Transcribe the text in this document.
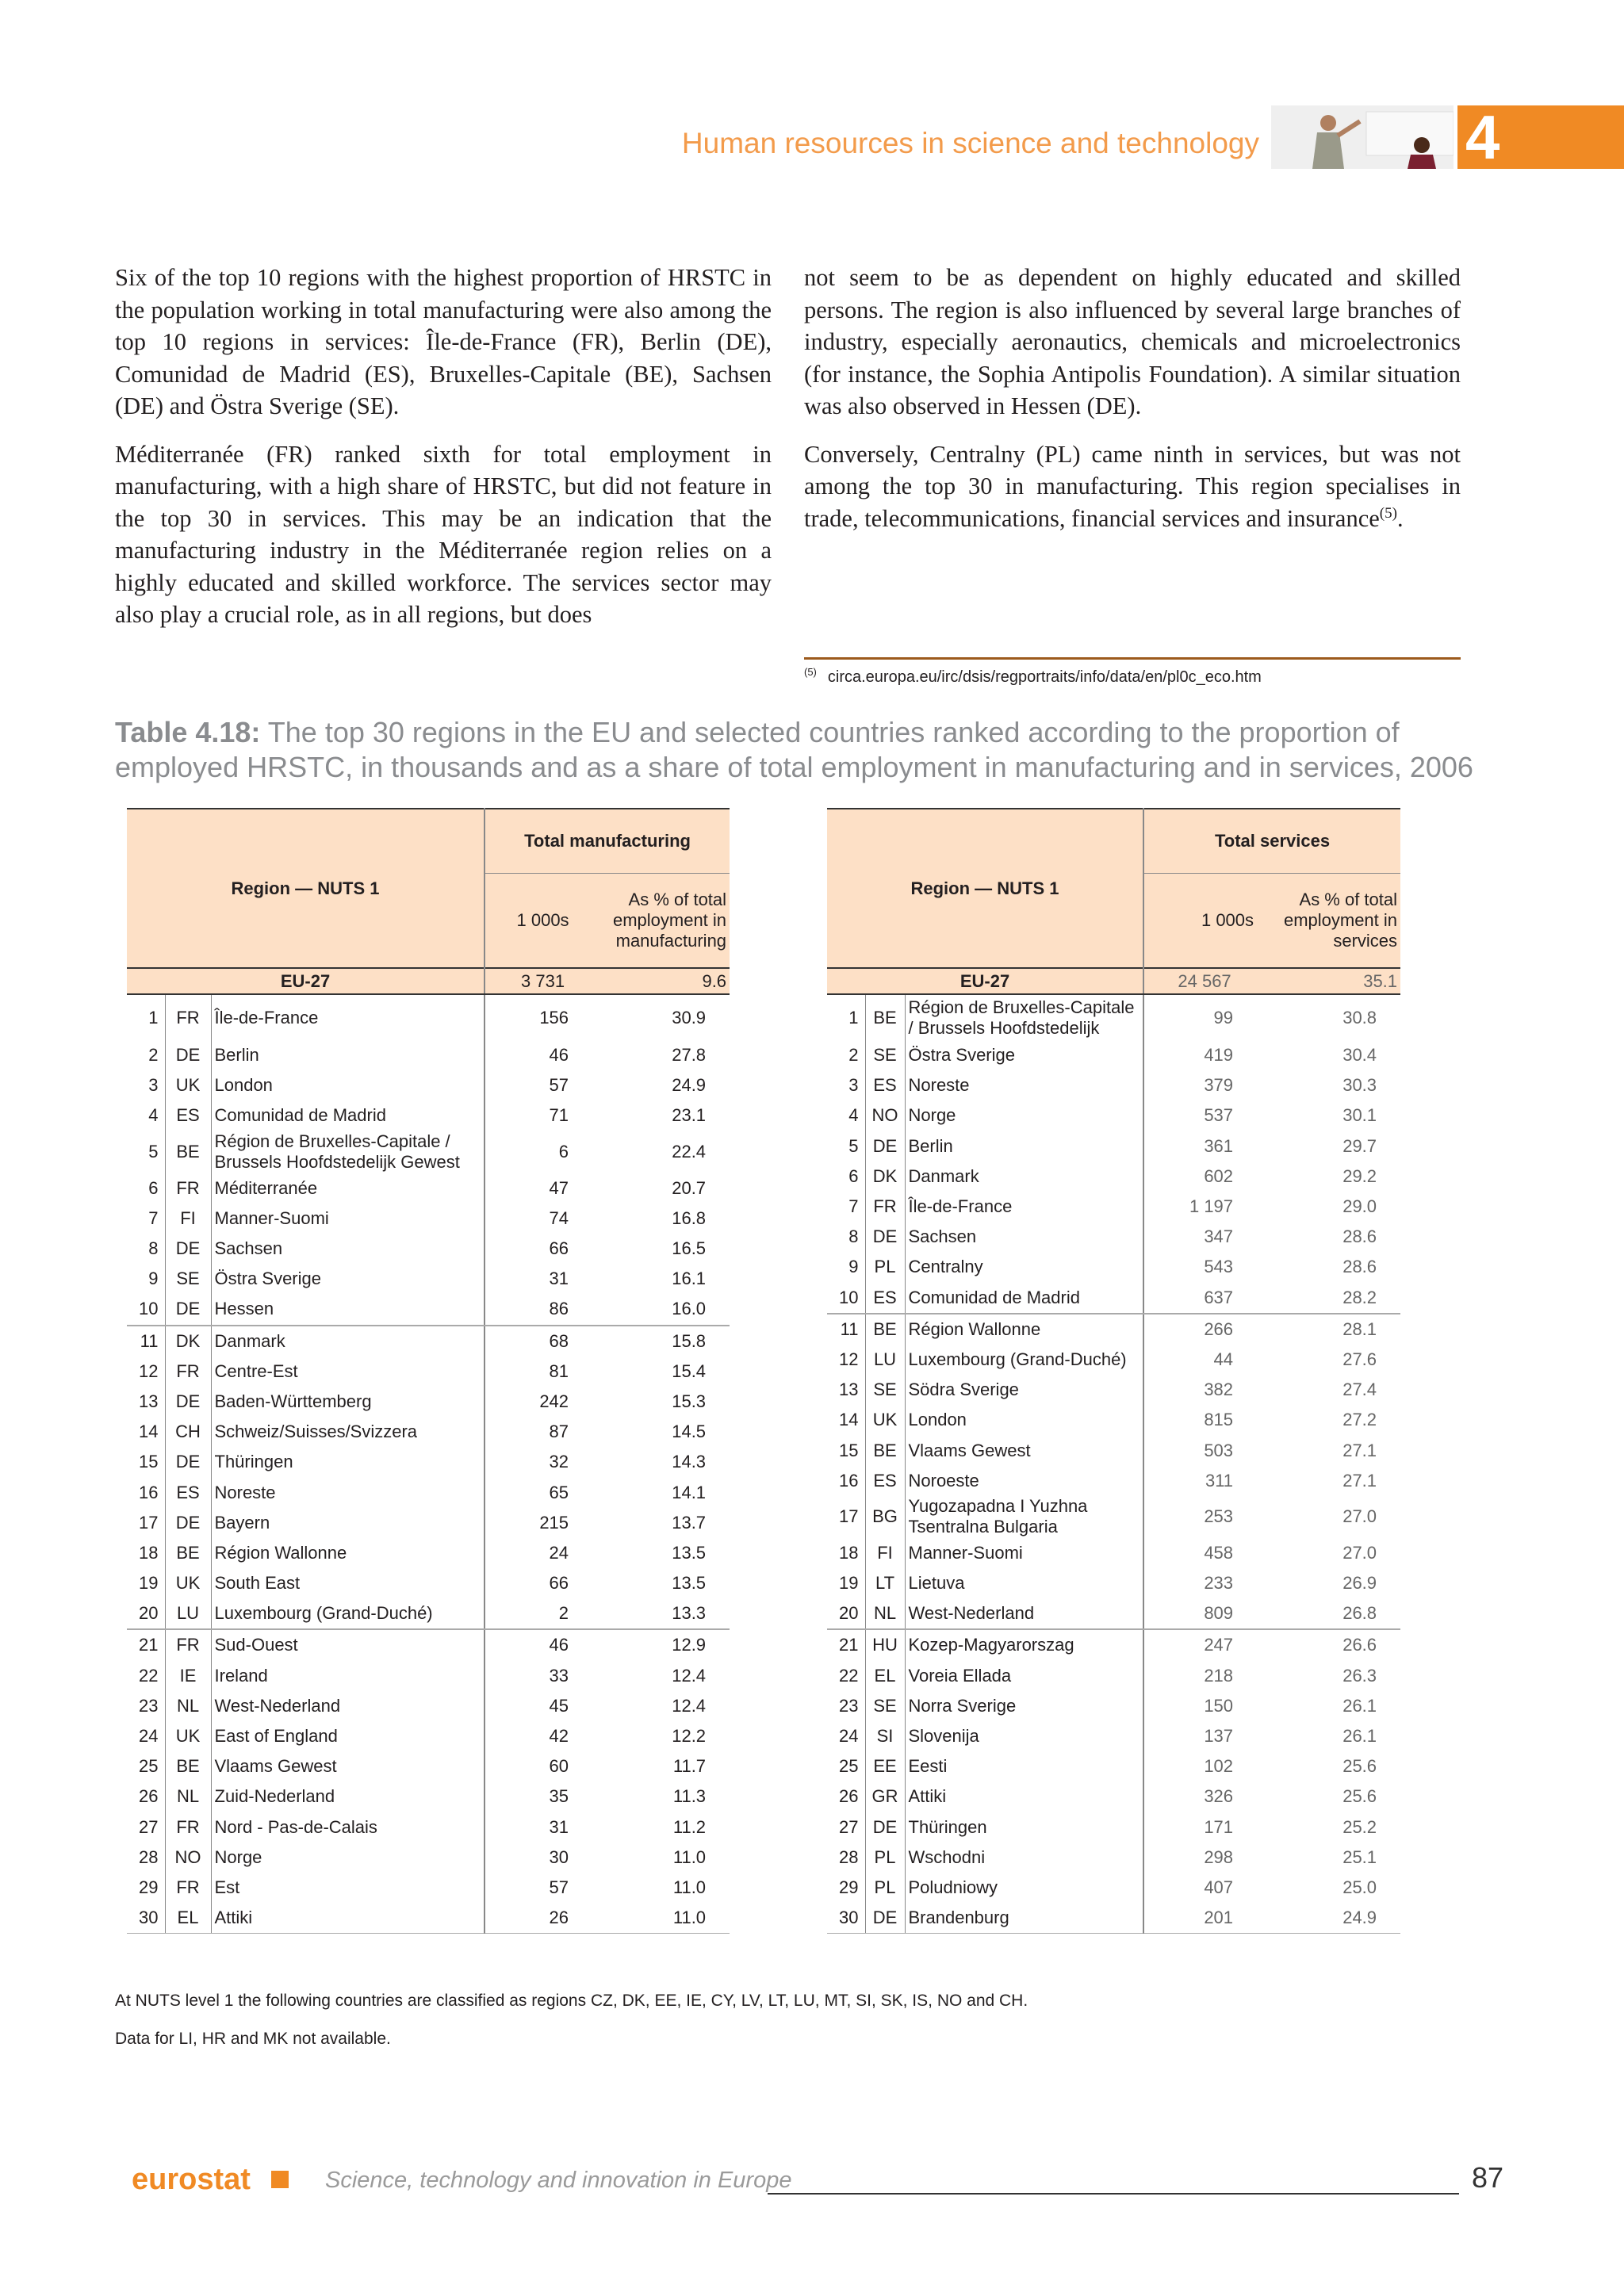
Human resources in science and technology	4

Six of the top 10 regions with the highest proportion of HRSTC in the population working in total manufacturing were also among the top 10 regions in services: Île-de-France (FR), Berlin (DE), Comunidad de Madrid (ES), Bruxelles-Capitale (BE), Sachsen (DE) and Östra Sverige (SE).

Méditerranée (FR) ranked sixth for total employment in manufacturing, with a high share of HRSTC, but did not feature in the top 30 in services. This may be an indication that the manufacturing industry in the Méditerranée region relies on a highly educated and skilled workforce. The services sector may also play a crucial role, as in all regions, but does

not seem to be as dependent on highly educated and skilled persons. The region is also influenced by several large branches of industry, especially aeronautics, chemicals and microelectronics (for instance, the Sophia Antipolis Foundation). A similar situation was also observed in Hessen (DE).

Conversely, Centralny (PL) came ninth in services, but was not among the top 30 in manufacturing. This region specialises in trade, telecommunications, financial services and insurance$^{(5)}$.

$^{(5)}$ circa.europa.eu/irc/dsis/regportraits/info/data/en/pl0c_eco.htm
Table 4.18: The top 30 regions in the EU and selected countries ranked according to the proportion of employed HRSTC, in thousands and as a share of total employment in manufacturing and in services, 2006
Region — NUTS 1			Total manufacturing	
			1 000s	As % of total employment in manufacturing
EU-27			3 731	9.6
1	FR	Île-de-France	156	30.9
2	DE	Berlin	46	27.8
3	UK	London	57	24.9
4	ES	Comunidad de Madrid	71	23.1
5	BE	Région de Bruxelles-Capitale / Brussels Hoofdstedelijk Gewest	6	22.4
6	FR	Méditerranée	47	20.7
7	FI	Manner-Suomi	74	16.8
8	DE	Sachsen	66	16.5
9	SE	Östra Sverige	31	16.1
10	DE	Hessen	86	16.0
11	DK	Danmark	68	15.8
12	FR	Centre-Est	81	15.4
13	DE	Baden-Württemberg	242	15.3
14	CH	Schweiz/Suisses/Svizzera	87	14.5
15	DE	Thüringen	32	14.3
16	ES	Noreste	65	14.1
17	DE	Bayern	215	13.7
18	BE	Région Wallonne	24	13.5
19	UK	South East	66	13.5
20	LU	Luxembourg (Grand-Duché)	2	13.3
21	FR	Sud-Ouest	46	12.9
22	IE	Ireland	33	12.4
23	NL	West-Nederland	45	12.4
24	UK	East of England	42	12.2
25	BE	Vlaams Gewest	60	11.7
26	NL	Zuid-Nederland	35	11.3
27	FR	Nord - Pas-de-Calais	31	11.2
28	NO	Norge	30	11.0
29	FR	Est	57	11.0
30	EL	Attiki	26	11.0
Region — NUTS 1			Total services	
			1 000s	As % of total employment in services
EU-27			24 567	35.1
1	BE	Région de Bruxelles-Capitale / Brussels Hoofdstedelijk	99	30.8
2	SE	Östra Sverige	419	30.4
3	ES	Noreste	379	30.3
4	NO	Norge	537	30.1
5	DE	Berlin	361	29.7
6	DK	Danmark	602	29.2
7	FR	Île-de-France	1 197	29.0
8	DE	Sachsen	347	28.6
9	PL	Centralny	543	28.6
10	ES	Comunidad de Madrid	637	28.2
11	BE	Région Wallonne	266	28.1
12	LU	Luxembourg (Grand-Duché)	44	27.6
13	SE	Södra Sverige	382	27.4
14	UK	London	815	27.2
15	BE	Vlaams Gewest	503	27.1
16	ES	Noroeste	311	27.1
17	BG	Yugozapadna I Yuzhna Tsentralna Bulgaria	253	27.0
18	FI	Manner-Suomi	458	27.0
19	LT	Lietuva	233	26.9
20	NL	West-Nederland	809	26.8
21	HU	Kozep-Magyarorszag	247	26.6
22	EL	Voreia Ellada	218	26.3
23	SE	Norra Sverige	150	26.1
24	SI	Slovenija	137	26.1
25	EE	Eesti	102	25.6
26	GR	Attiki	326	25.6
27	DE	Thüringen	171	25.2
28	PL	Wschodni	298	25.1
29	PL	Poludniowy	407	25.0
30	DE	Brandenburg	201	24.9
At NUTS level 1 the following countries are classified as regions CZ, DK, EE, IE, CY, LV, LT, LU, MT, SI, SK, IS, NO and CH.
Data for LI, HR and MK not available.
eurostat	Science, technology and innovation in Europe	87
